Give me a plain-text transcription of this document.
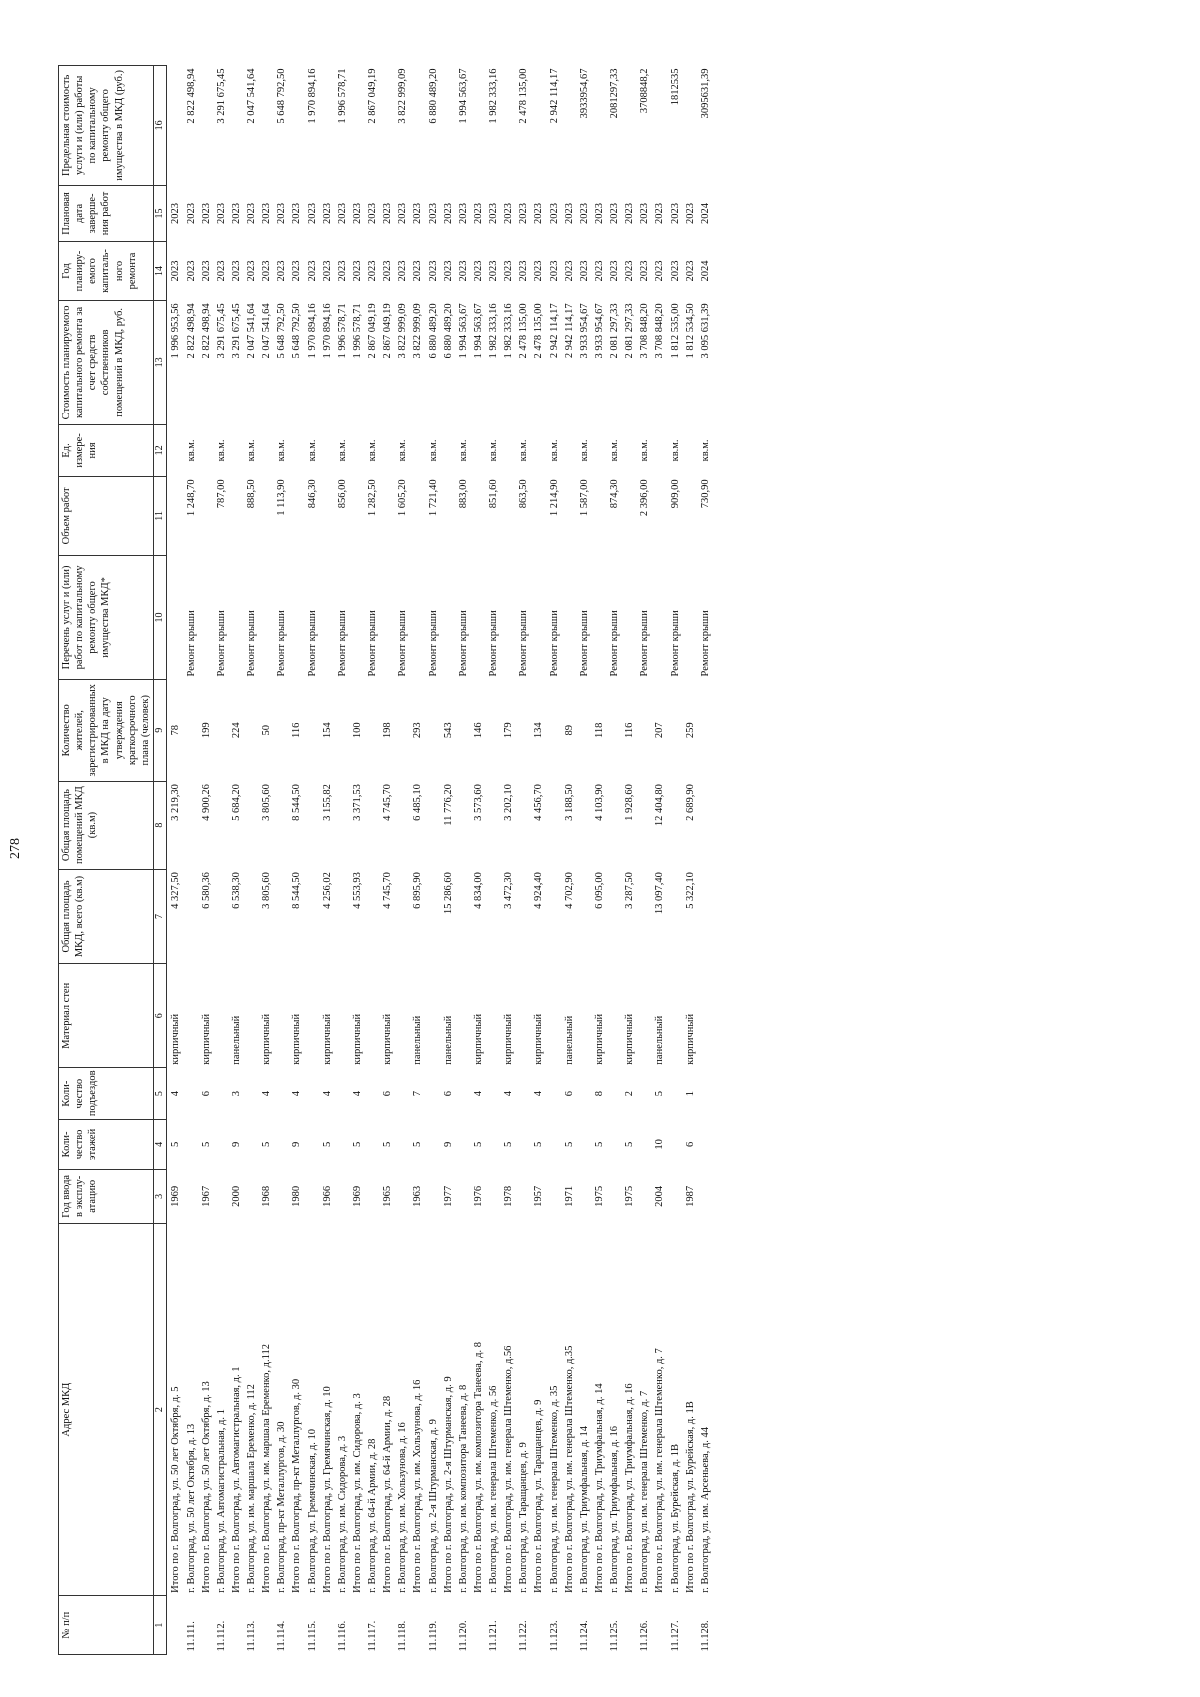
278
№ п/п	Адрес МКД	Год ввода в эксплу-атацию	Коли-чество этажей	Коли-чество подъездов	Материал стен	Общая площадь МКД, всего (кв.м)	Общая площадь помещений МКД (кв.м)	Количество жителей, зарегистрированных в МКД на дату утверждения краткосрочного плана (человек)	Перечень услуг и (или) работ по капитальному ремонту общего имущества МКД*	Объем работ	Ед. измере-ния	Стоимость планируемого капитального ремонта за счет средств собственников помещений в МКД, руб.	Год планиру-емого капиталь-ного ремонта	Плановая дата заверше-ния работ	Предельная стоимость услуги и (или) работы по капитальному ремонту общего имущества в МКД (руб.)
1	2	3	4	5	6	7	8	9	10	11	12	13	14	15	16
	Итого по г. Волгоград, ул. 50 лет Октября, д. 5	1969	5	4	кирпичный	4 327,50	3 219,30	78				1 996 953,56	2023	2023	
11.111.	г. Волгоград, ул. 50 лет Октября, д. 13								Ремонт крыши	1 248,70	кв.м.	2 822 498,94	2023	2023	2 822 498,94
	Итого по г. Волгоград, ул. 50 лет Октября, д. 13	1967	5	6	кирпичный	6 580,36	4 900,26	199				2 822 498,94	2023	2023	
11.112.	г. Волгоград, ул. Автомагистральная, д. 1								Ремонт крыши	787,00	кв.м.	3 291 675,45	2023	2023	3 291 675,45
	Итого по г. Волгоград, ул. Автомагистральная, д. 1	2000	9	3	панельный	6 538,30	5 684,20	224				3 291 675,45	2023	2023	
11.113.	г. Волгоград, ул. им. маршала Еременко, д. 112								Ремонт крыши	888,50	кв.м.	2 047 541,64	2023	2023	2 047 541,64
	Итого по г. Волгоград, ул. им. маршала Еременко, д.112	1968	5	4	кирпичный	3 805,60	3 805,60	50				2 047 541,64	2023	2023	
11.114.	г. Волгоград, пр-кт Металлургов, д. 30								Ремонт крыши	1 113,90	кв.м.	5 648 792,50	2023	2023	5 648 792,50
	Итого по г. Волгоград, пр-кт Металлургов, д. 30	1980	9	4	кирпичный	8 544,50	8 544,50	116				5 648 792,50	2023	2023	
11.115.	г. Волгоград, ул. Гремячинская, д. 10								Ремонт крыши	846,30	кв.м.	1 970 894,16	2023	2023	1 970 894,16
	Итого по г. Волгоград, ул. Гремячинская, д. 10	1966	5	4	кирпичный	4 256,02	3 155,82	154				1 970 894,16	2023	2023	
11.116.	г. Волгоград, ул. им. Сидорова, д. 3								Ремонт крыши	856,00	кв.м.	1 996 578,71	2023	2023	1 996 578,71
	Итого по г. Волгоград, ул. им. Сидорова, д. 3	1969	5	4	кирпичный	4 553,93	3 371,53	100				1 996 578,71	2023	2023	
11.117.	г. Волгоград, ул. 64-й Армии, д. 28								Ремонт крыши	1 282,50	кв.м.	2 867 049,19	2023	2023	2 867 049,19
	Итого по г. Волгоград, ул. 64-й Армии, д. 28	1965	5	6	кирпичный	4 745,70	4 745,70	198				2 867 049,19	2023	2023	
11.118.	г. Волгоград, ул. им. Хользунова, д. 16								Ремонт крыши	1 605,20	кв.м.	3 822 999,09	2023	2023	3 822 999,09
	Итого по г. Волгоград, ул. им. Хользунова, д. 16	1963	5	7	панельный	6 895,90	6 485,10	293				3 822 999,09	2023	2023	
11.119.	г. Волгоград, ул. 2-я Штурманская, д. 9								Ремонт крыши	1 721,40	кв.м.	6 880 489,20	2023	2023	6 880 489,20
	Итого по г. Волгоград, ул. 2-я Штурманская, д. 9	1977	9	6	панельный	15 286,60	11 776,20	543				6 880 489,20	2023	2023	
11.120.	г. Волгоград, ул. им. композитора Танеева, д. 8								Ремонт крыши	883,00	кв.м.	1 994 563,67	2023	2023	1 994 563,67
	Итого по г. Волгоград, ул. им. композитора Танеева, д. 8	1976	5	4	кирпичный	4 834,00	3 573,60	146				1 994 563,67	2023	2023	
11.121.	г. Волгоград, ул. им. генерала Штеменко, д. 56								Ремонт крыши	851,60	кв.м.	1 982 333,16	2023	2023	1 982 333,16
	Итого по г. Волгоград, ул. им. генерала Штеменко, д.56	1978	5	4	кирпичный	3 472,30	3 202,10	179				1 982 333,16	2023	2023	
11.122.	г. Волгоград, ул. Таращанцев, д. 9								Ремонт крыши	863,50	кв.м.	2 478 135,00	2023	2023	2 478 135,00
	Итого по г. Волгоград, ул. Таращанцев, д. 9	1957	5	4	кирпичный	4 924,40	4 456,70	134				2 478 135,00	2023	2023	
11.123.	г. Волгоград, ул. им. генерала Штеменко, д. 35								Ремонт крыши	1 214,90	кв.м.	2 942 114,17	2023	2023	2 942 114,17
	Итого по г. Волгоград, ул. им. генерала Штеменко, д.35	1971	5	6	панельный	4 702,90	3 188,50	89				2 942 114,17	2023	2023	
11.124.	г. Волгоград, ул. Триумфальная, д. 14								Ремонт крыши	1 587,00	кв.м.	3 933 954,67	2023	2023	3933954,67
	Итого по г. Волгоград, ул. Триумфальная, д. 14	1975	5	8	кирпичный	6 095,00	4 103,90	118				3 933 954,67	2023	2023	
11.125.	г. Волгоград, ул. Триумфальная, д. 16								Ремонт крыши	874,30	кв.м.	2 081 297,33	2023	2023	2081297,33
	Итого по г. Волгоград, ул. Триумфальная, д. 16	1975	5	2	кирпичный	3 287,50	1 928,60	116				2 081 297,33	2023	2023	
11.126.	г. Волгоград, ул. им. генерала Штеменко, д. 7								Ремонт крыши	2 396,00	кв.м.	3 708 848,20	2023	2023	3708848,2
	Итого по г. Волгоград, ул. им. генерала Штеменко, д. 7	2004	10	5	панельный	13 097,40	12 404,80	207				3 708 848,20	2023	2023	
11.127.	г. Волгоград, ул. Бурейская, д. 1В								Ремонт крыши	909,00	кв.м.	1 812 535,00	2023	2023	1812535
	Итого по г. Волгоград, ул. Бурейская, д. 1В	1987	6	1	кирпичный	5 322,10	2 689,90	259				1 812 534,50	2023	2023	
11.128.	г. Волгоград, ул. им. Арсеньева, д. 44								Ремонт крыши	730,90	кв.м.	3 095 631,39	2024	2024	3095631,39
